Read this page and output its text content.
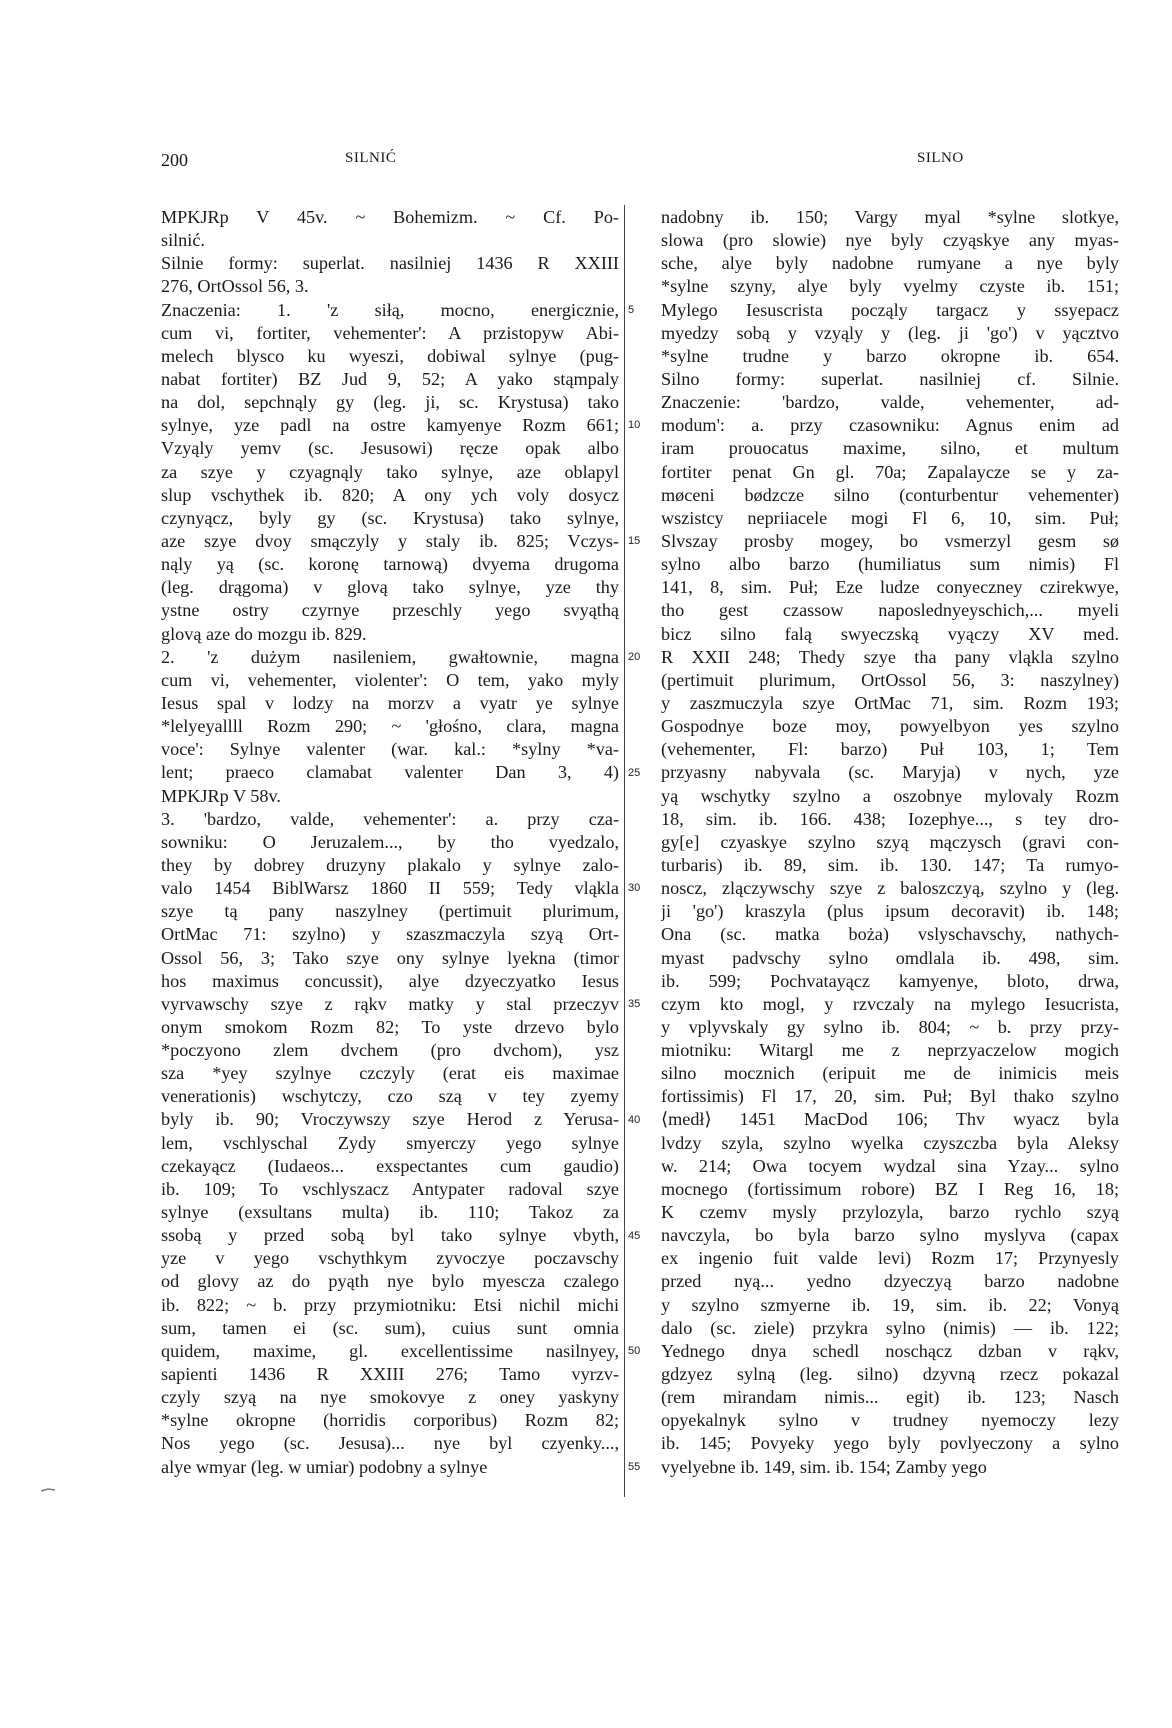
200	SILNIĆ	SILNO
MPKJRp V 45v. ~ Bohemizm. ~ Cf. Po-
silnić.
Silnie formy: superlat. nasilniej 1436 R XXIII
276, OrtOssol 56, 3.
Znaczenia: 1. 'z siłą, mocno, energicznie,
cum vi, fortiter, vehementer': A przistopyw Abi-
melech blysco ku wyeszi, dobiwal sylnye (pug-
nabat fortiter) BZ Jud 9, 52; A yako stąmpaly
na dol, sepchnąly gy (leg. ji, sc. Krystusa) tako
sylnye, yze padl na ostre kamyenye Rozm 661;
Vzyąly yemv (sc. Jesusowi) ręcze opak albo
za szye y czyagnąly tako sylnye, aze oblapyl
slup vschythek ib. 820; A ony ych voly dosycz
czynyącz, byly gy (sc. Krystusa) tako sylnye,
aze szye dvoy smączyly y staly ib. 825; Vczys-
nąly yą (sc. koronę tarnową) dvyema drugoma
(leg. drągoma) v glovą tako sylnye, yze thy
ystne ostry czyrnye przeschly yego svyąthą
glovą aze do mozgu ib. 829.
2. 'z dużym nasileniem, gwałtownie, magna
cum vi, vehementer, violenter': O tem, yako myly
Iesus spal v lodzy na morzv a vyatr ye sylnye
*lelyeyallll Rozm 290; ~ 'głośno, clara, magna
voce': Sylnye valenter (war. kal.: *sylny *va-
lent; praeco clamabat valenter Dan 3, 4)
MPKJRp V 58v.
3. 'bardzo, valde, vehementer': a. przy cza-
sowniku: O Jeruzalem..., by tho vyedzalo,
they by dobrey druzyny plakalo y sylnye zalo-
valo 1454 BiblWarsz 1860 II 559; Tedy vląkla
szye tą pany naszylney (pertimuit plurimum,
OrtMac 71: szylno) y szaszmaczyla szyą Ort-
Ossol 56, 3; Tako szye ony sylnye lyekna (timor
hos maximus concussit), alye dzyeczyatko Iesus
vyrvawschy szye z rąkv matky y stal przeczyv
onym smokom Rozm 82; To yste drzevo bylo
*poczyono zlem dvchem (pro dvchom), ysz
sza *yey szylnye czczyly (erat eis maximae
venerationis) wschytczy, czo szą v tey zyemy
byly ib. 90; Vroczywszy szye Herod z Yerusa-
lem, vschlyschal Zydy smyerczy yego sylnye
czekayącz (Iudaeos... exspectantes cum gaudio)
ib. 109; To vschlyszacz Antypater radoval szye
sylnye (exsultans multa) ib. 110; Takoz za
ssobą y przed sobą byl tako sylnye vbyth,
yze v yego vschythkym zyvoczye poczavschy
od glovy az do pyąth nye bylo myescza czalego
ib. 822; ~ b. przy przymiotniku: Etsi nichil michi
sum, tamen ei (sc. sum), cuius sunt omnia
quidem, maxime, gl. excellentissime nasilnyey,
sapienti 1436 R XXIII 276; Tamo vyrzv-
czyly szyą na nye smokovye z oney yaskyny
*sylne okropne (horridis corporibus) Rozm 82;
Nos yego (sc. Jesusa)... nye byl czyenky...,
alye wmyar (leg. w umiar) podobny a sylnye
5
10
15
20
25
30
35
40
45
50
55
nadobny ib. 150; Vargy myal *sylne slotkye,
slowa (pro slowie) nye byly czyąskye any myas-
sche, alye byly nadobne rumyane a nye byly
*sylne szyny, alye byly vyelmy czyste ib. 151;
Mylego Iesuscrista począly targacz y ssyepacz
myedzy sobą y vzyąly y (leg. ji 'go') v yącztvo
*sylne trudne y barzo okropne ib. 654.
Silno formy: superlat. nasilniej cf. Silnie.
Znaczenie: 'bardzo, valde, vehementer, ad-
modum': a. przy czasowniku: Agnus enim ad
iram prouocatus maxime, silno, et multum
fortiter penat Gn gl. 70a; Zapalaycze se y za-
møceni bødzcze silno (conturbentur vehementer)
wszistcy nepriiacele mogi Fl 6, 10, sim. Puł;
Slvszay prosby mogey, bo vsmerzyl gesm sø
sylno albo barzo (humiliatus sum nimis) Fl
141, 8, sim. Puł; Eze ludze conyeczney czirekwye,
tho gest czassow naposlednyeyschich,... myeli
bicz silno falą swyeczską vyączy XV med.
R XXII 248; Thedy szye tha pany vląkla szylno
(pertimuit plurimum, OrtOssol 56, 3: naszylney)
y zaszmuczyla szye OrtMac 71, sim. Rozm 193;
Gospodnye boze moy, powyelbyon yes szylno
(vehementer, Fl: barzo) Puł 103, 1; Tem
przyasny nabyvala (sc. Maryja) v nych, yze
yą wschytky szylno a oszobnye mylovaly Rozm
18, sim. ib. 166. 438; Iozephye..., s tey dro-
gy[e] czyaskye szylno szyą mączysch (gravi con-
turbaris) ib. 89, sim. ib. 130. 147; Ta rumyo-
noscz, zlączywschy szye z baloszczyą, szylno y (leg.
ji 'go') kraszyla (plus ipsum decoravit) ib. 148;
Ona (sc. matka boża) vslyschavschy, nathych-
myast padvschy sylno omdlala ib. 498, sim.
ib. 599; Pochvatayącz kamyenye, bloto, drwa,
czym kto mogl, y rzvczaly na mylego Iesucrista,
y vplyvskaly gy sylno ib. 804; ~ b. przy przy-
miotniku: Witargl me z neprzyaczelow mogich
silno mocznich (eripuit me de inimicis meis
fortissimis) Fl 17, 20, sim. Puł; Byl thako szylno
⟨medł⟩ 1451 MacDod 106; Thv wyacz byla
lvdzy szyla, szylno wyelka czyszczba byla Aleksy
w. 214; Owa tocyem wydzal sina Yzay... sylno
mocnego (fortissimum robore) BZ I Reg 16, 18;
K czemv mysly przylozyla, barzo rychlo szyą
navczyla, bo byla barzo sylno myslyva (capax
ex ingenio fuit valde levi) Rozm 17; Przynyesly
przed nyą... yedno dzyeczyą barzo nadobne
y szylno szmyerne ib. 19, sim. ib. 22; Vonyą
dalo (sc. ziele) przykra sylno (nimis) — ib. 122;
Yednego dnya schedl noschącz dzban v rąkv,
gdzyez sylną (leg. silno) dzyvną rzecz pokazal
(rem mirandam nimis... egit) ib. 123; Nasch
opyekalnyk sylno v trudney nyemoczy lezy
ib. 145; Povyeky yego byly povlyeczony a sylno
vyelyebne ib. 149, sim. ib. 154; Zamby yego
